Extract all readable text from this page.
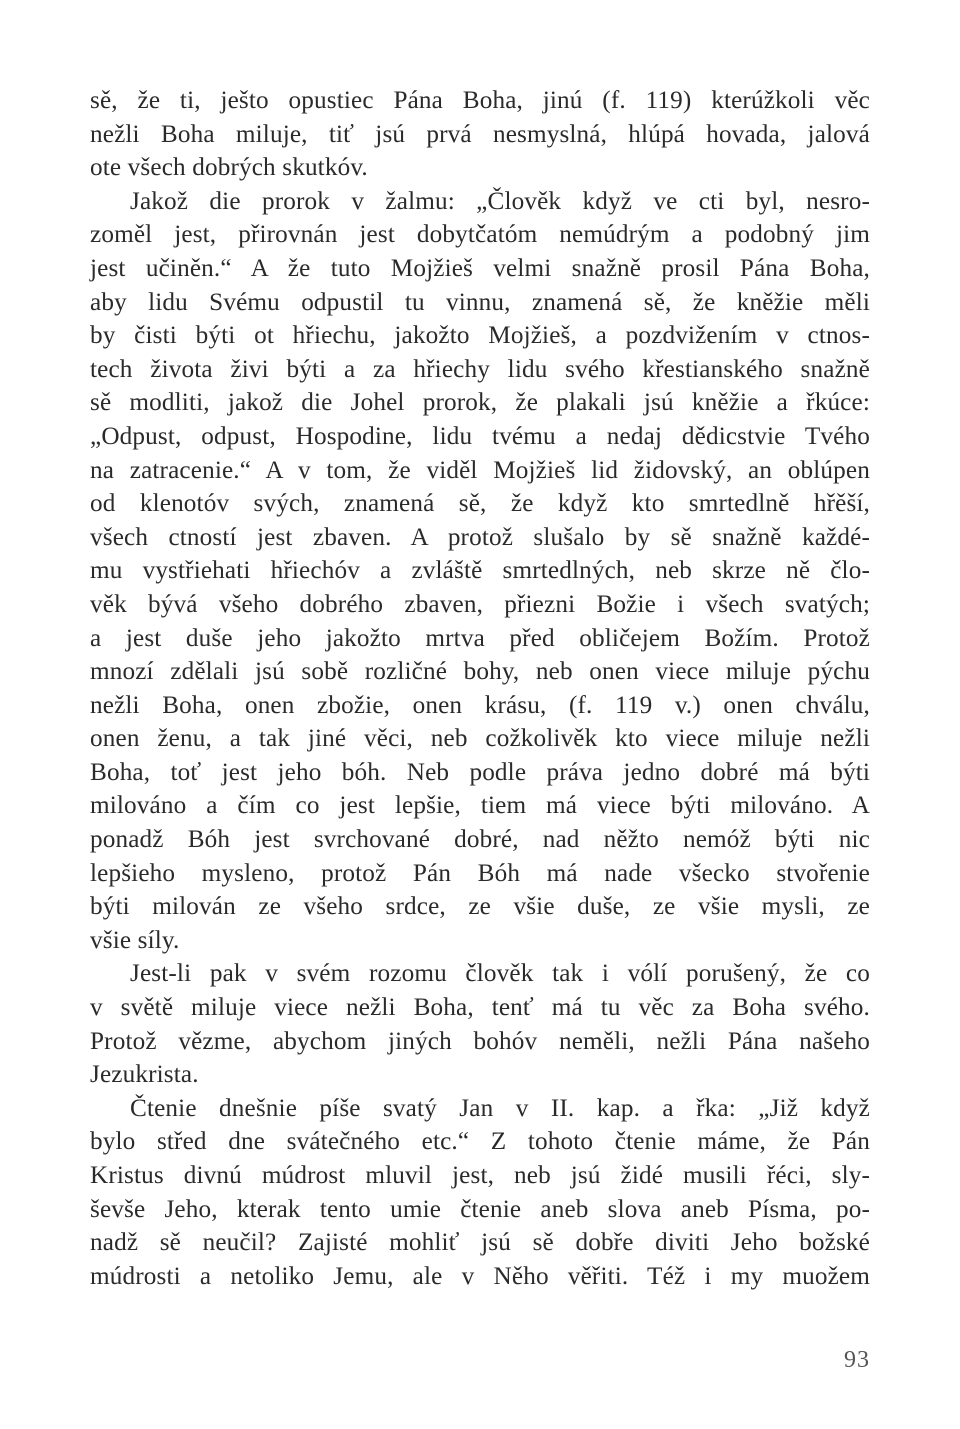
sě, že ti, ješto opustiec Pána Boha, jinú (f. 119) kterúžkoli věc
nežli Boha miluje, tiť jsú prvá nesmyslná, hlúpá hovada, jalová
ote všech dobrých skutkóv.
Jakož die prorok v žalmu: „Člověk když ve cti byl, nesro-
zoměl jest, přirovnán jest dobytčatóm nemúdrým a podobný jim
jest učiněn.“ A že tuto Mojžieš velmi snažně prosil Pána Boha,
aby lidu Svému odpustil tu vinnu, znamená sě, že kněžie měli
by čisti býti ot hřiechu, jakožto Mojžieš, a pozdvižením v ctnos-
tech života živi býti a za hřiechy lidu svého křestianského snažně
sě modliti, jakož die Johel prorok, že plakali jsú kněžie a řkúce:
„Odpust, odpust, Hospodine, lidu tvému a nedaj dědicstvie Tvého
na zatracenie.“ A v tom, že viděl Mojžieš lid židovský, an oblúpen
od klenotóv svých, znamená sě, že když kto smrtedlně hřěší,
všech ctností jest zbaven. A protož slušalo by sě snažně každé-
mu vystřiehati hřiechóv a zvláště smrtedlných, neb skrze ně člo-
věk bývá všeho dobrého zbaven, přiezni Božie i všech svatých;
a jest duše jeho jakožto mrtva před obličejem Božím. Protož
mnozí zdělali jsú sobě rozličné bohy, neb onen viece miluje pýchu
nežli Boha, onen zbožie, onen krásu, (f. 119 v.) onen chválu,
onen ženu, a tak jiné věci, neb cožkolivěk kto viece miluje nežli
Boha, toť jest jeho bóh. Neb podle práva jedno dobré má býti
milováno a čím co jest lepšie, tiem má viece býti milováno. A
ponadž Bóh jest svrchované dobré, nad něžto nemóž býti nic
lepšieho mysleno, protož Pán Bóh má nade všecko stvořenie
býti milován ze všeho srdce, ze všie duše, ze všie mysli, ze
všie síly.
Jest-li pak v svém rozomu člověk tak i vólí porušený, že co
v světě miluje viece nežli Boha, tenť má tu věc za Boha svého.
Protož vězme, abychom jiných bohóv neměli, nežli Pána našeho
Jezukrista.
Čtenie dnešnie píše svatý Jan v II. kap. a řka: „Již když
bylo střed dne svátečného etc.“ Z tohoto čtenie máme, že Pán
Kristus divnú múdrost mluvil jest, neb jsú židé musili řéci, sly-
ševše Jeho, kterak tento umie čtenie aneb slova aneb Písma, po-
nadž sě neučil? Zajisté mohliť jsú sě dobře diviti Jeho božské
múdrosti a netoliko Jemu, ale v Něho věřiti. Též i my muožem
93
